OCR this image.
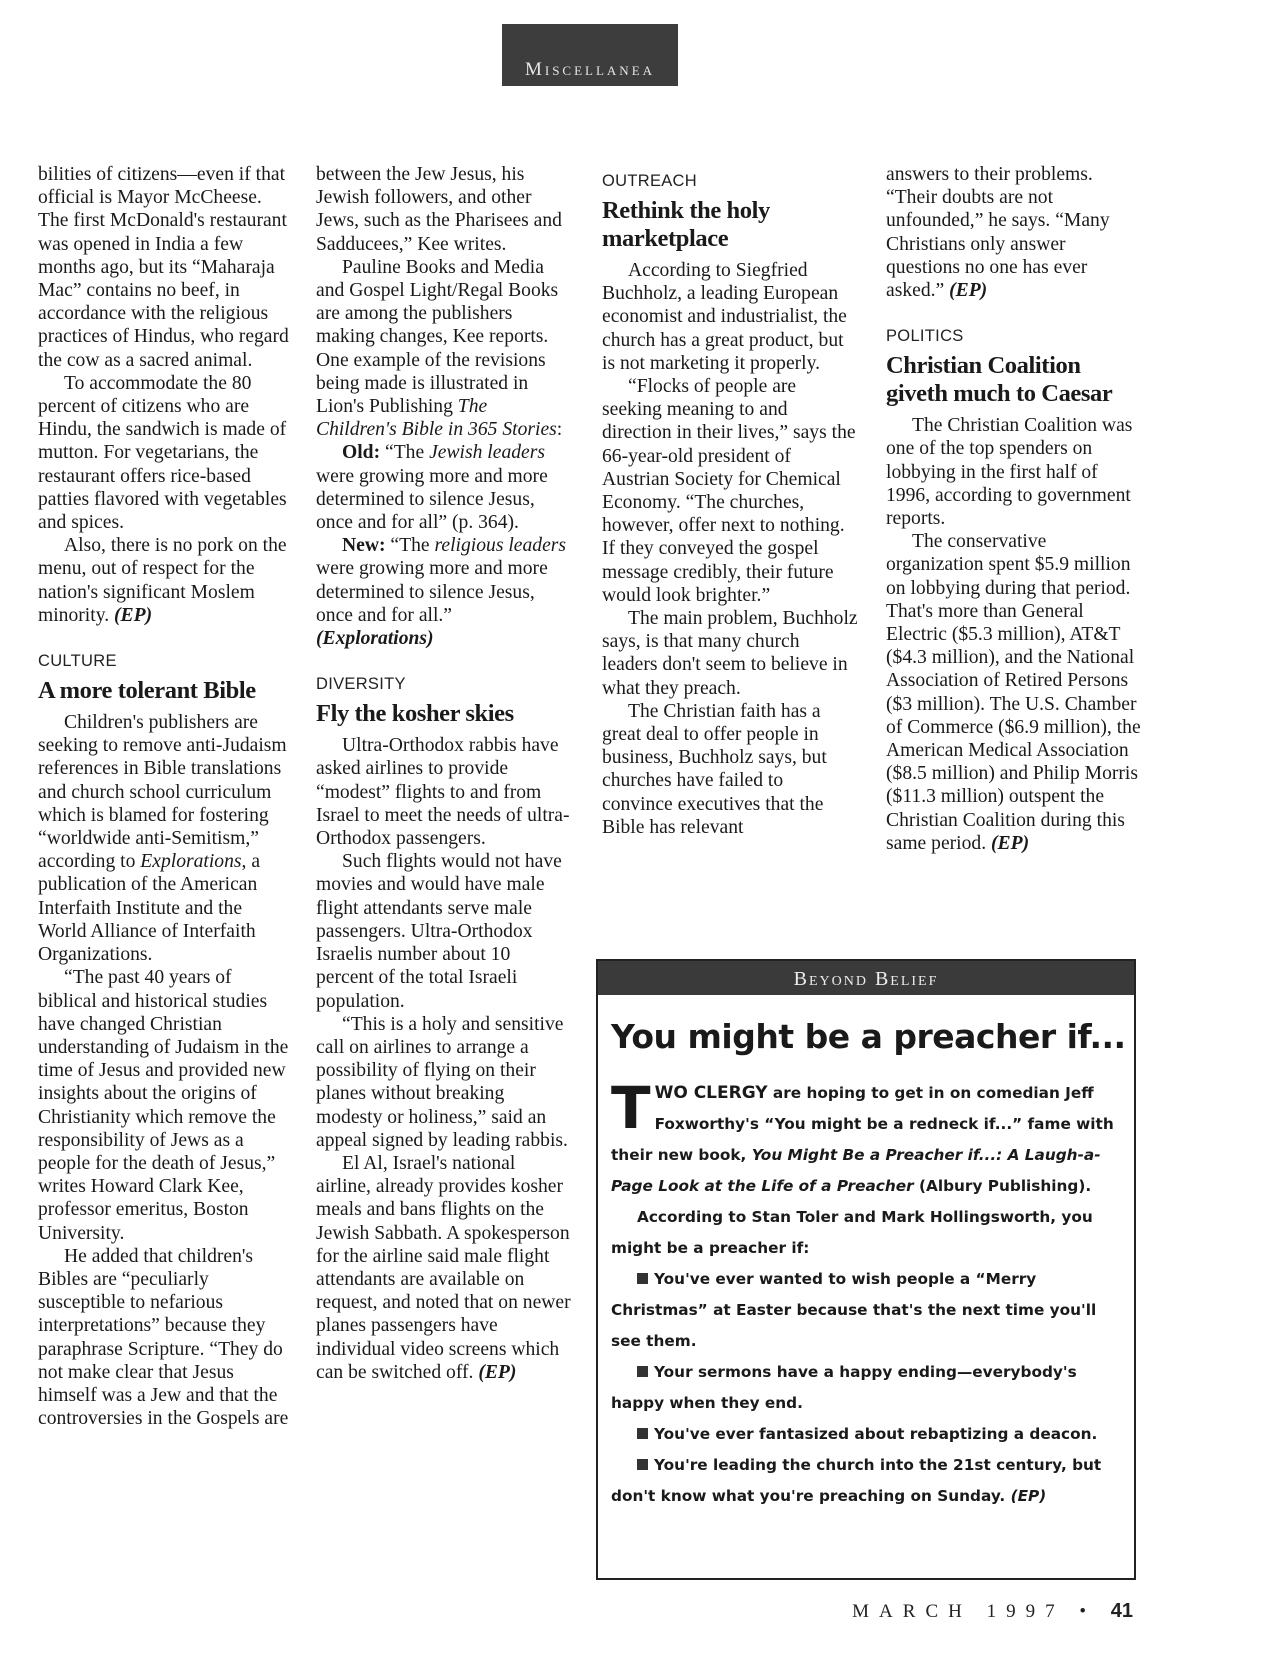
Miscellanea

bilities of citizens—even if that official is Mayor McCheese. The first McDonald's restaurant was opened in India a few months ago, but its “Maharaja Mac” contains no beef, in accordance with the religious practices of Hindus, who regard the cow as a sacred animal.

To accommodate the 80 percent of citizens who are Hindu, the sandwich is made of mutton. For vegetarians, the restaurant offers rice-based patties flavored with vegetables and spices.

Also, there is no pork on the menu, out of respect for the nation's significant Moslem minority. (EP)

CULTURE
A more tolerant Bible

Children's publishers are seeking to remove anti-Judaism references in Bible translations and church school curriculum which is blamed for fostering “worldwide anti-Semitism,” according to Explorations, a publication of the American Interfaith Institute and the World Alliance of Interfaith Organizations.

“The past 40 years of biblical and historical studies have changed Christian understanding of Judaism in the time of Jesus and provided new insights about the origins of Christianity which remove the responsibility of Jews as a people for the death of Jesus,” writes Howard Clark Kee, professor emeritus, Boston University.

He added that children's Bibles are “peculiarly susceptible to nefarious interpretations” because they paraphrase Scripture. “They do not make clear that Jesus himself was a Jew and that the controversies in the Gospels are

between the Jew Jesus, his Jewish followers, and other Jews, such as the Pharisees and Sadducees,” Kee writes.

Pauline Books and Media and Gospel Light/Regal Books are among the publishers making changes, Kee reports. One example of the revisions being made is illustrated in Lion's Publishing The Children's Bible in 365 Stories:

Old: “The Jewish leaders were growing more and more determined to silence Jesus, once and for all” (p. 364).

New: “The religious leaders were growing more and more determined to silence Jesus, once and for all.” (Explorations)

DIVERSITY
Fly the kosher skies

Ultra-Orthodox rabbis have asked airlines to provide “modest” flights to and from Israel to meet the needs of ultra-Orthodox passengers.

Such flights would not have movies and would have male flight attendants serve male passengers. Ultra-Orthodox Israelis number about 10 percent of the total Israeli population.

“This is a holy and sensitive call on airlines to arrange a possibility of flying on their planes without breaking modesty or holiness,” said an appeal signed by leading rabbis.

El Al, Israel's national airline, already provides kosher meals and bans flights on the Jewish Sabbath. A spokesperson for the airline said male flight attendants are available on request, and noted that on newer planes passengers have individual video screens which can be switched off. (EP)

OUTREACH
Rethink the holy marketplace

According to Siegfried Buchholz, a leading European economist and industrialist, the church has a great product, but is not marketing it properly.

“Flocks of people are seeking meaning to and direction in their lives,” says the 66-year-old president of Austrian Society for Chemical Economy. “The churches, however, offer next to nothing. If they conveyed the gospel message credibly, their future would look brighter.”

The main problem, Buchholz says, is that many church leaders don't seem to believe in what they preach.

The Christian faith has a great deal to offer people in business, Buchholz says, but churches have failed to convince executives that the Bible has relevant

answers to their problems. “Their doubts are not unfounded,” he says. “Many Christians only answer questions no one has ever asked.” (EP)

POLITICS
Christian Coalition giveth much to Caesar

The Christian Coalition was one of the top spenders on lobbying in the first half of 1996, according to government reports.

The conservative organization spent $5.9 million on lobbying during that period. That's more than General Electric ($5.3 million), AT&T ($4.3 million), and the National Association of Retired Persons ($3 million). The U.S. Chamber of Commerce ($6.9 million), the American Medical Association ($8.5 million) and Philip Morris ($11.3 million) outspent the Christian Coalition during this same period. (EP)

Beyond Belief
You might be a preacher if...

TWO CLERGY are hoping to get in on comedian Jeff Foxworthy's “You might be a redneck if...” fame with their new book, You Might Be a Preacher if...: A Laugh-a-Page Look at the Life of a Preacher (Albury Publishing).

According to Stan Toler and Mark Hollingsworth, you might be a preacher if:

You've ever wanted to wish people a “Merry Christmas” at Easter because that's the next time you'll see them.

Your sermons have a happy ending—everybody's happy when they end.

You've ever fantasized about rebaptizing a deacon.

You're leading the church into the 21st century, but don't know what you're preaching on Sunday. (EP)

MARCH 1997 • 41
